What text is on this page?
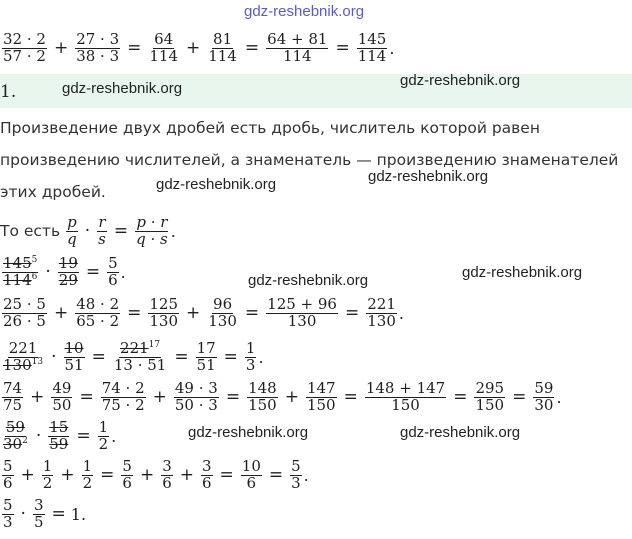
gdz-reshebnik.org
1.
$\frac{32 \cdot 2}{57 \cdot 2} + \frac{27 \cdot 3}{38 \cdot 3} = \frac{64}{114} + \frac{81}{114} = \frac{64 + 81}{114} = \frac{145}{114}$ .
gdz-reshebnik.org	gdz-reshebnik.org
Произведение двух дробей есть дробь, числитель которой равен
произведению числителей, а знаменатель — произведению знаменателей
этих дробей.	gdz-reshebnik.org	gdz-reshebnik.org
То есть $\frac{p}{q} \cdot \frac{r}{s} = \frac{p \cdot r}{q \cdot s}$ .
$\frac{145^5}{114^6} \cdot \frac{19}{29} = \frac{5}{6}$ .	gdz-reshebnik.org	gdz-reshebnik.org
$\frac{25 \cdot 5}{26 \cdot 5} + \frac{48 \cdot 2}{65 \cdot 2} = \frac{125}{130} + \frac{96}{130} = \frac{125 + 96}{130} = \frac{221}{130}$ .
$\frac{221}{130^{13}} \cdot \frac{10}{51} = \frac{221^{17}}{13 \cdot 51} = \frac{17}{51} = \frac{1}{3}$ .
$\frac{74}{75} + \frac{49}{50} = \frac{74 \cdot 2}{75 \cdot 2} + \frac{49 \cdot 3}{50 \cdot 3} = \frac{148}{150} + \frac{147}{150} = \frac{148 + 147}{150} = \frac{295}{150} = \frac{59}{30}$ .
$\frac{59}{30^2} \cdot \frac{15}{59} = \frac{1}{2}$ .	gdz-reshebnik.org	gdz-reshebnik.org
$\frac{5}{6} + \frac{1}{2} + \frac{1}{2} = \frac{5}{6} + \frac{3}{6} + \frac{3}{6} = \frac{10}{6} = \frac{5}{3}$ .
$\frac{5}{3} \cdot \frac{3}{5} = 1$ .
